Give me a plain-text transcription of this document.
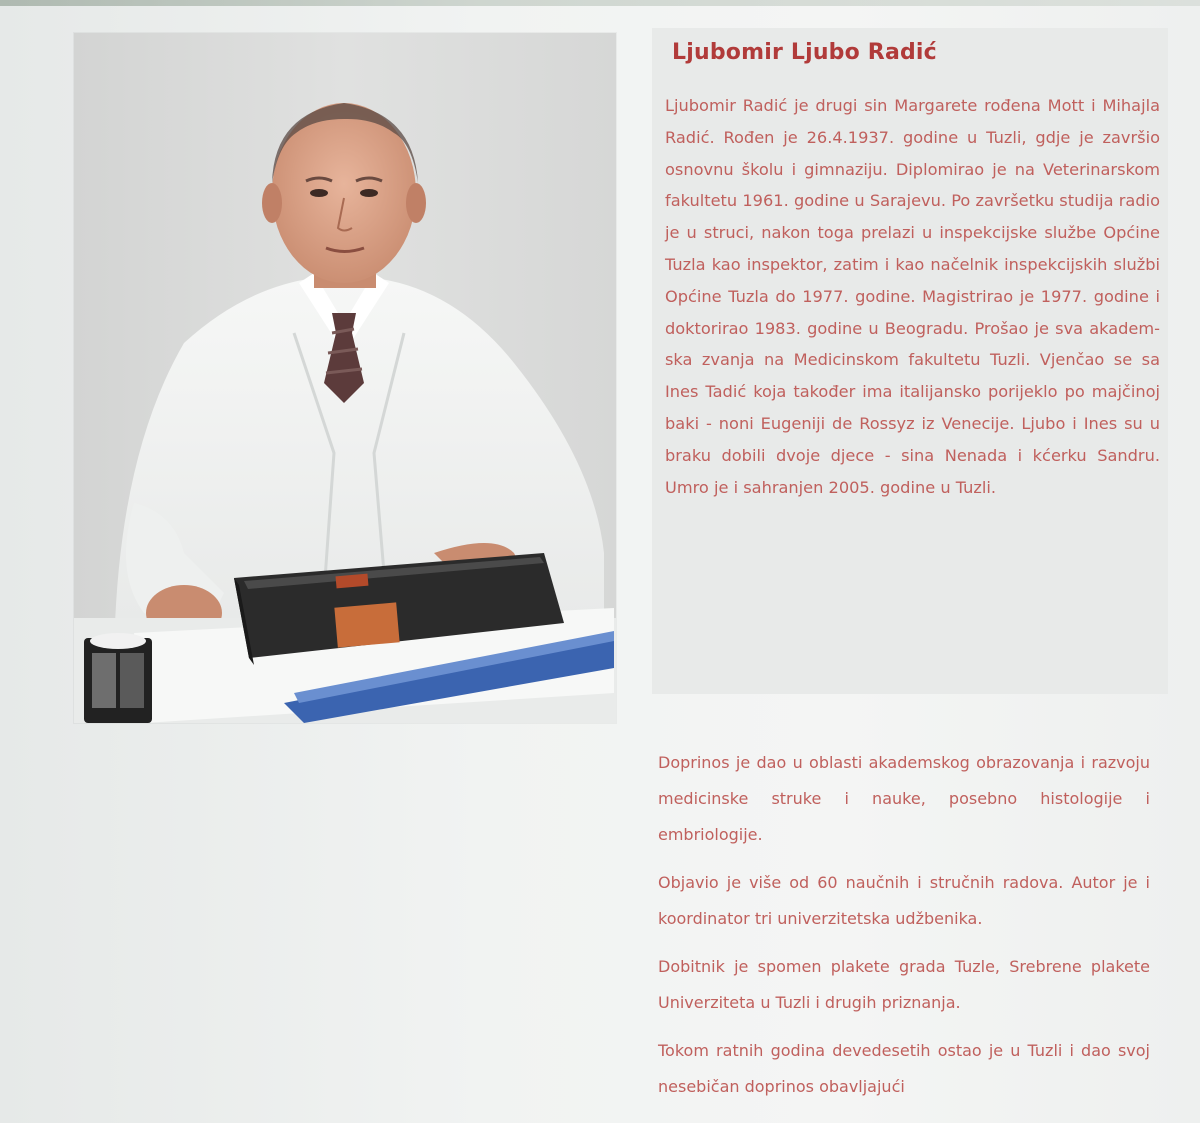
Ljubomir Ljubo Radić
Ljubomir Radić je drugi sin Margarete rođena Mott i Mihajla Radić. Rođen je 26.4.1937. godine u Tuzli, gdje je završio osnovnu školu i gimnaziju. Diplomirao je na Veterinarskom fakultetu 1961. godine u Sarajevu. Po završetku studija radio je u struci, nakon toga prelazi u inspekcijske službe Općine Tuzla kao inspektor, zatim i kao načelnik inspekcijskih službi Općine Tuzla do 1977. godine. Magistrirao je 1977. godine i doktorirao 1983. godine u Beogradu. Prošao je sva akademska zvanja na Medicinskom fakultetu Tuzli. Vjenčao se sa Ines Tadić koja također ima italijansko porijeklo po majčinoj baki - noni Eugeniji de Rossyz iz Venecije. Ljubo i Ines su u braku dobili dvoje djece - sina Nenada i kćerku Sandru. Umro je i sahranjen 2005. godine u Tuzli.

Doprinos je dao u oblasti akademskog obrazovanja i razvoju medicinske struke i nauke, posebno histologije i embriologije.

Objavio je više od 60 naučnih i stručnih radova. Autor je i koordinator tri univerzitetska udžbenika.

Dobitnik je spomen plakete grada Tuzle, Srebrene plakete Univerziteta u Tuzli i drugih priznanja.

Tokom ratnih godina devedesetih ostao je u Tuzli i dao svoj nesebičan doprinos obavljajući
